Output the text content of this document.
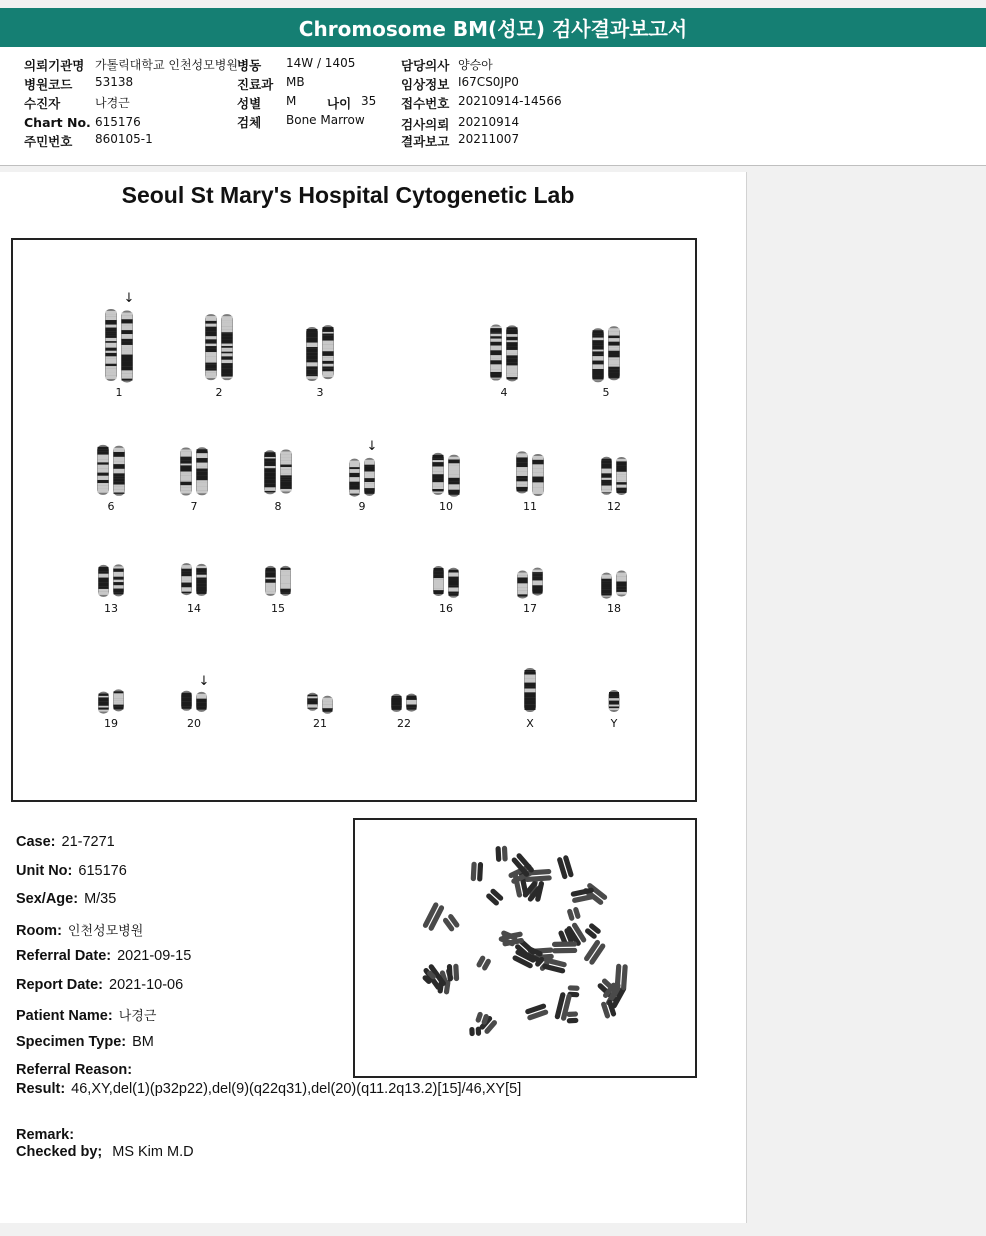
Chromosome BM(성모) 검사결과보고서
의뢰기관명 가톨릭대학교 인천성모병원
병원코드 53138
수진자	나경근
Chart No. 615176
주민번호 860105-1
병동 14W / 1405
진료과 MB
성별 M 나이 35
검체 Bone Marrow
담당의사 양승아
임상정보 I67CS0JP0
접수번호 20210914-14566
검사의뢰 20210914
결과보고 20211007
Seoul St Mary's Hospital Cytogenetic Lab
1
↓
2	3	4	5
6	7	8	9
↓
10	11	12
13	14	15	16	17	18
19	20
↓
21	22	X	Y
Case: 21-7271
Unit No: 615176
Sex/Age: M/35
Room: 인천성모병원
Referral Date: 2021-09-15
Report Date: 2021-10-06
Patient Name: 나경근
Specimen Type: BM
Referral Reason:
Result: 46,XY,del(1)(p32p22),del(9)(q22q31),del(20)(q11.2q13.2)[15]/46,XY[5]
Remark:
Checked by; MS Kim M.D
